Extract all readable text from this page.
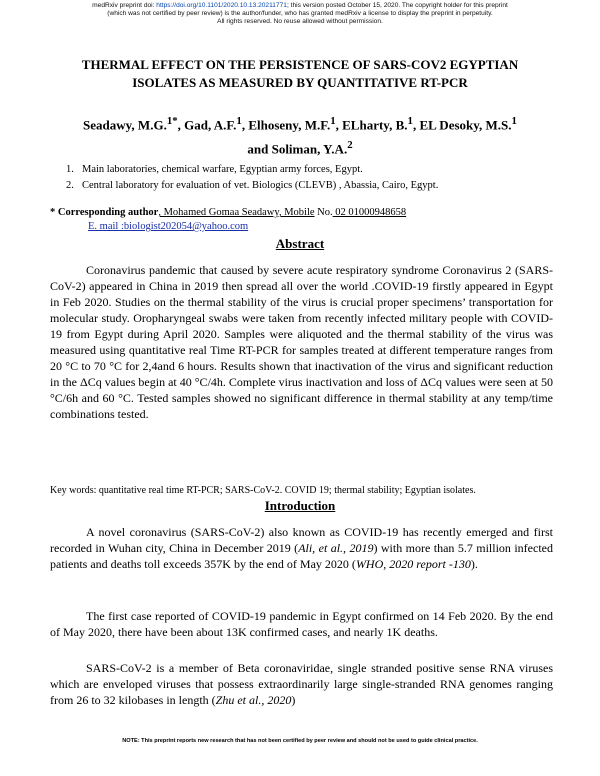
medRxiv preprint doi: https://doi.org/10.1101/2020.10.13.20211771; this version posted October 15, 2020. The copyright holder for this preprint
(which was not certified by peer review) is the author/funder, who has granted medRxiv a license to display the preprint in perpetuity.
All rights reserved. No reuse allowed without permission.
THERMAL EFFECT ON THE PERSISTENCE OF SARS-COV2 EGYPTIAN
ISOLATES AS MEASURED BY QUANTITATIVE RT-PCR
Seadawy, M.G.$^{1*}$, Gad, A.F.$^1$, Elhoseny, M.F.$^1$, ELharty, B.$^1$, EL Desoky, M.S.$^1$
and Soliman, Y.A.$^2$
1. Main laboratories, chemical warfare, Egyptian army forces, Egypt.
2. Central laboratory for evaluation of vet. Biologics (CLEVB) , Abassia, Cairo, Egypt.
* Corresponding author, Mohamed Gomaa Seadawy, Mobile No. 02 01000948658
E. mail :biologist202054@yahoo.com
Abstract

Coronavirus pandemic that caused by severe acute respiratory syndrome Coronavirus 2 (SARS-CoV-2) appeared in China in 2019 then spread all over the world .COVID-19 firstly appeared in Egypt in Feb 2020. Studies on the thermal stability of the virus is crucial proper specimens’ transportation for molecular study. Oropharyngeal swabs were taken from recently infected military people with COVID-19 from Egypt during April 2020. Samples were aliquoted and the thermal stability of the virus was measured using quantitative real Time RT-PCR for samples treated at different temperature ranges from 20 °C to 70 °C for 2,4and 6 hours. Results shown that inactivation of the virus and significant reduction in the ΔCq values begin at 40 °C/4h. Complete virus inactivation and loss of ΔCq values were seen at 50 °C/6h and 60 °C. Tested samples showed no significant difference in thermal stability at any temp/time combinations tested.

Key words: quantitative real time RT-PCR; SARS-CoV-2. COVID 19; thermal stability; Egyptian isolates.
Introduction

A novel coronavirus (SARS-CoV-2) also known as COVID-19 has recently emerged and first recorded in Wuhan city, China in December 2019 (Ali, et al., 2019) with more than 5.7 million infected patients and deaths toll exceeds 357K by the end of May 2020 (WHO, 2020 report -130).

The first case reported of COVID-19 pandemic in Egypt confirmed on 14 Feb 2020. By the end of May 2020, there have been about 13K confirmed cases, and nearly 1K deaths.

SARS-CoV-2 is a member of Beta coronaviridae, single stranded positive sense RNA viruses which are enveloped viruses that possess extraordinarily large single-stranded RNA genomes ranging from 26 to 32 kilobases in length (Zhu et al., 2020)

NOTE: This preprint reports new research that has not been certified by peer review and should not be used to guide clinical practice.
